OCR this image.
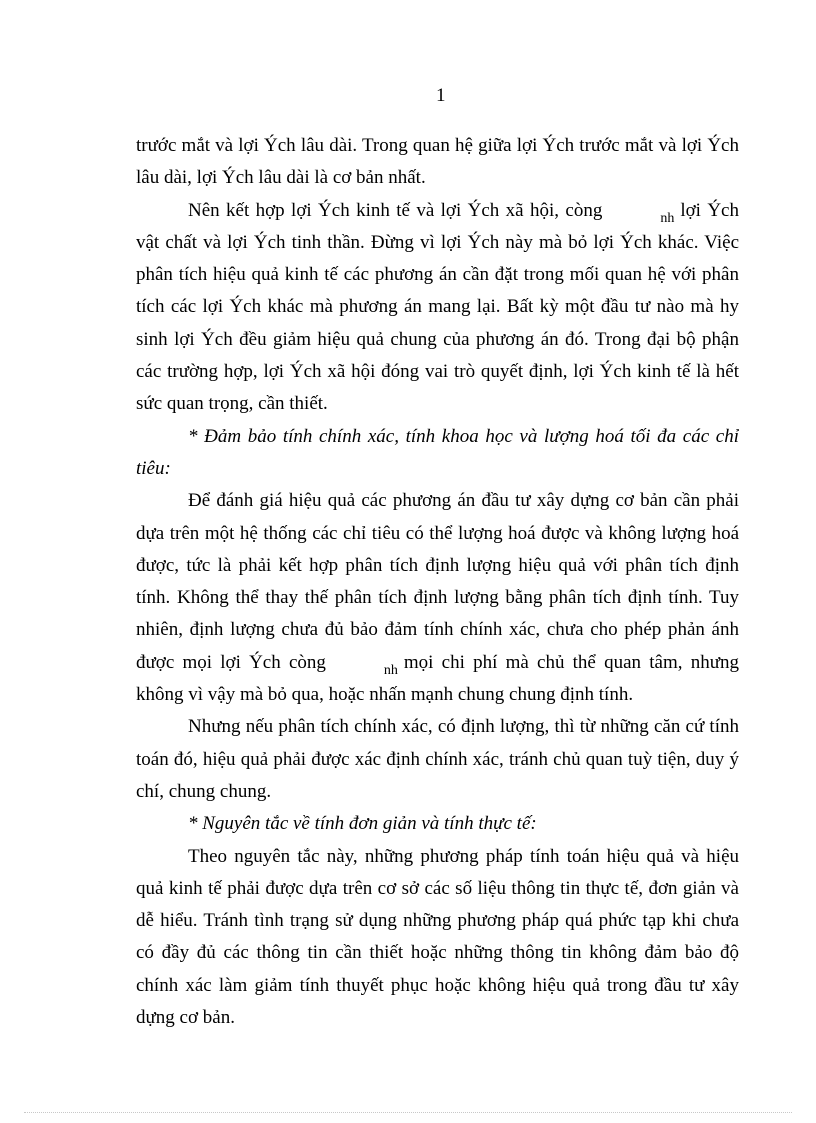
1

trước mắt và lợi Ých lâu dài. Trong quan hệ giữa lợi Ých trước mắt và lợi Ých lâu dài, lợi Ých lâu dài là cơ bản nhất.

Nên kết hợp lợi Ých kinh tế và lợi Ých xã hội, còng	nh lợi Ých vật chất và lợi Ých tinh thần. Đừng vì lợi Ých này mà bỏ lợi Ých khác. Việc phân tích hiệu quả kinh tế các phương án cần đặt trong mối quan hệ với phân tích các lợi Ých khác mà phương án mang lại. Bất kỳ một đầu tư nào mà hy sinh lợi Ých đều giảm hiệu quả chung của phương án đó. Trong đại bộ phận các trường hợp, lợi Ých xã hội đóng vai trò quyết định, lợi Ých kinh tế là hết sức quan trọng, cần thiết.

* Đảm bảo tính chính xác, tính khoa học và lượng hoá tối đa các chỉ tiêu:

Để đánh giá hiệu quả các phương án đầu tư xây dựng cơ bản cần phải dựa trên một hệ thống các chỉ tiêu có thể lượng hoá được và không lượng hoá được, tức là phải kết hợp phân tích định lượng hiệu quả với phân tích định tính. Không thể thay thế phân tích định lượng bằng phân tích định tính. Tuy nhiên, định lượng chưa đủ bảo đảm tính chính xác, chưa cho phép phản ánh được mọi lợi Ých còng	nh mọi chi phí mà chủ thể quan tâm, nhưng không vì vậy mà bỏ qua, hoặc nhấn mạnh chung chung định tính.

Nhưng nếu phân tích chính xác, có định lượng, thì từ những căn cứ tính toán đó, hiệu quả phải được xác định chính xác, tránh chủ quan tuỳ tiện, duy ý chí, chung chung.

* Nguyên tắc về tính đơn giản và tính thực tế:

Theo nguyên tắc này, những phương pháp tính toán hiệu quả và hiệu quả kinh tế phải được dựa trên cơ sở các số liệu thông tin thực tế, đơn giản và dễ hiểu. Tránh tình trạng sử dụng những phương pháp quá phức tạp khi chưa có đầy đủ các thông tin cần thiết hoặc những thông tin không đảm bảo độ chính xác làm giảm tính thuyết phục hoặc không hiệu quả trong đầu tư xây dựng cơ bản.
